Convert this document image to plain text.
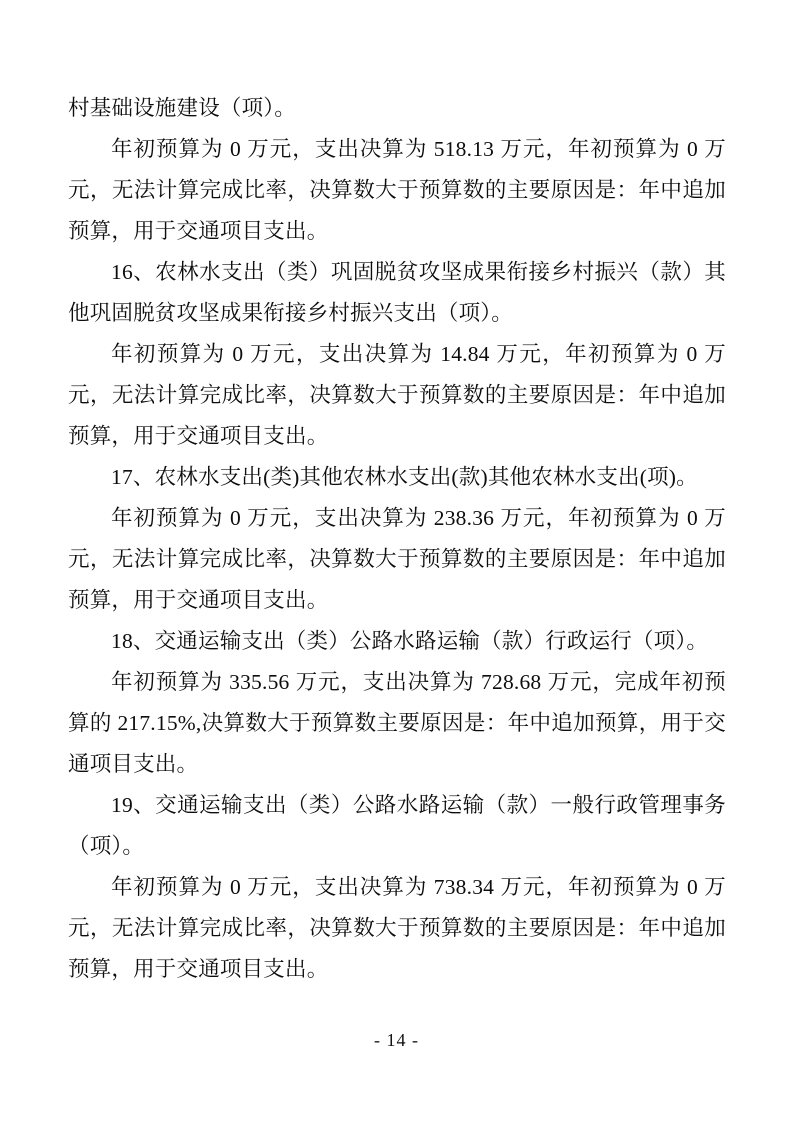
村基础设施建设（项）。

年初预算为 0 万元，支出决算为 518.13 万元，年初预算为 0 万元，无法计算完成比率，决算数大于预算数的主要原因是：年中追加预算，用于交通项目支出。

16、农林水支出（类）巩固脱贫攻坚成果衔接乡村振兴（款）其他巩固脱贫攻坚成果衔接乡村振兴支出（项）。

年初预算为 0 万元，支出决算为 14.84 万元，年初预算为 0 万元，无法计算完成比率，决算数大于预算数的主要原因是：年中追加预算，用于交通项目支出。

17、农林水支出(类)其他农林水支出(款)其他农林水支出(项)。

年初预算为 0 万元，支出决算为 238.36 万元，年初预算为 0 万元，无法计算完成比率，决算数大于预算数的主要原因是：年中追加预算，用于交通项目支出。

18、交通运输支出（类）公路水路运输（款）行政运行（项）。

年初预算为 335.56 万元，支出决算为 728.68 万元，完成年初预算的 217.15%,决算数大于预算数主要原因是：年中追加预算，用于交通项目支出。

19、交通运输支出（类）公路水路运输（款）一般行政管理事务（项）。

年初预算为 0 万元，支出决算为 738.34 万元，年初预算为 0 万元，无法计算完成比率，决算数大于预算数的主要原因是：年中追加预算，用于交通项目支出。

- 14 -
